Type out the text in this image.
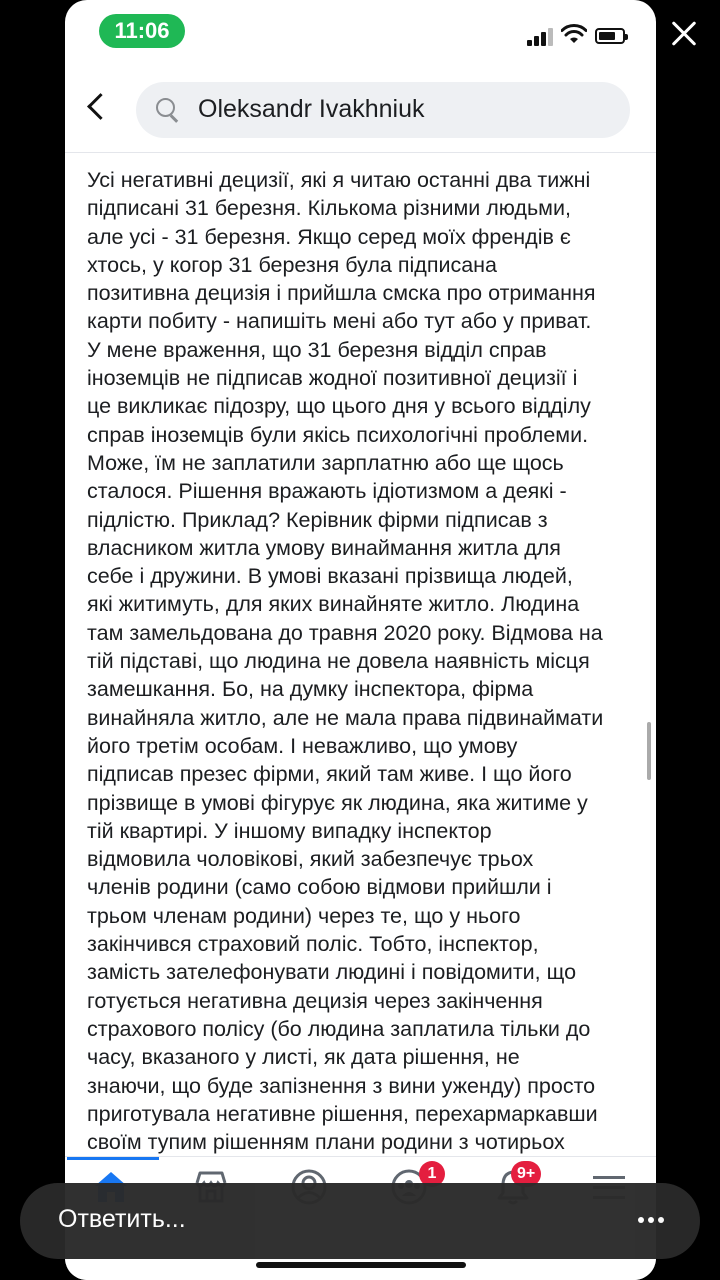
11:06
Oleksandr Ivakhniuk
Усі негативні децизії, які я читаю останні два тижні
підписані 31 березня. Кількома різними людьми,
але усі - 31 березня. Якщо серед моїх френдів є
хтось, у когор 31 березня була підписана
позитивна децизія і прийшла смска про отримання
карти побиту - напишіть мені або тут або у приват.
У мене враження, що 31 березня відділ справ
іноземців не підписав жодної позитивної децизії і
це викликає підозру, що цього дня у всього відділу
справ іноземців були якісь психологічні проблеми.
Може, їм не заплатили зарплатню або ще щось
сталося. Рішення вражають ідіотизмом а деякі -
підлістю. Приклад? Керівник фірми підписав з
власником житла умову винаймання житла для
себе і дружини. В умові вказані прізвища людей,
які житимуть, для яких винайняте житло. Людина
там замельдована до травня 2020 року. Відмова на
тій підставі, що людина не довела наявність місця
замешкання. Бо, на думку інспектора, фірма
винайняла житло, але не мала права підвинаймати
його третім особам. І неважливо, що умову
підписав презес фірми, який там живе. І що його
прізвище в умові фігурує як людина, яка житиме у
тій квартирі. У іншому випадку інспектор
відмовила чоловікові, який забезпечує трьох
членів родини (само собою відмови прийшли і
трьом членам родини) через те, що у нього
закінчився страховий поліс. Тобто, інспектор,
замість зателефонувати людині і повідомити, що
готується негативна децизія через закінчення
страхового полісу (бо людина заплатила тільки до
часу, вказаного у листі, як дата рішення, не
знаючи, що буде запізнення з вини уженду) просто
приготувала негативне рішення, перехармаркавши
своїм тупим рішенням плани родини з чотирьох
1	9+
Ответить...
